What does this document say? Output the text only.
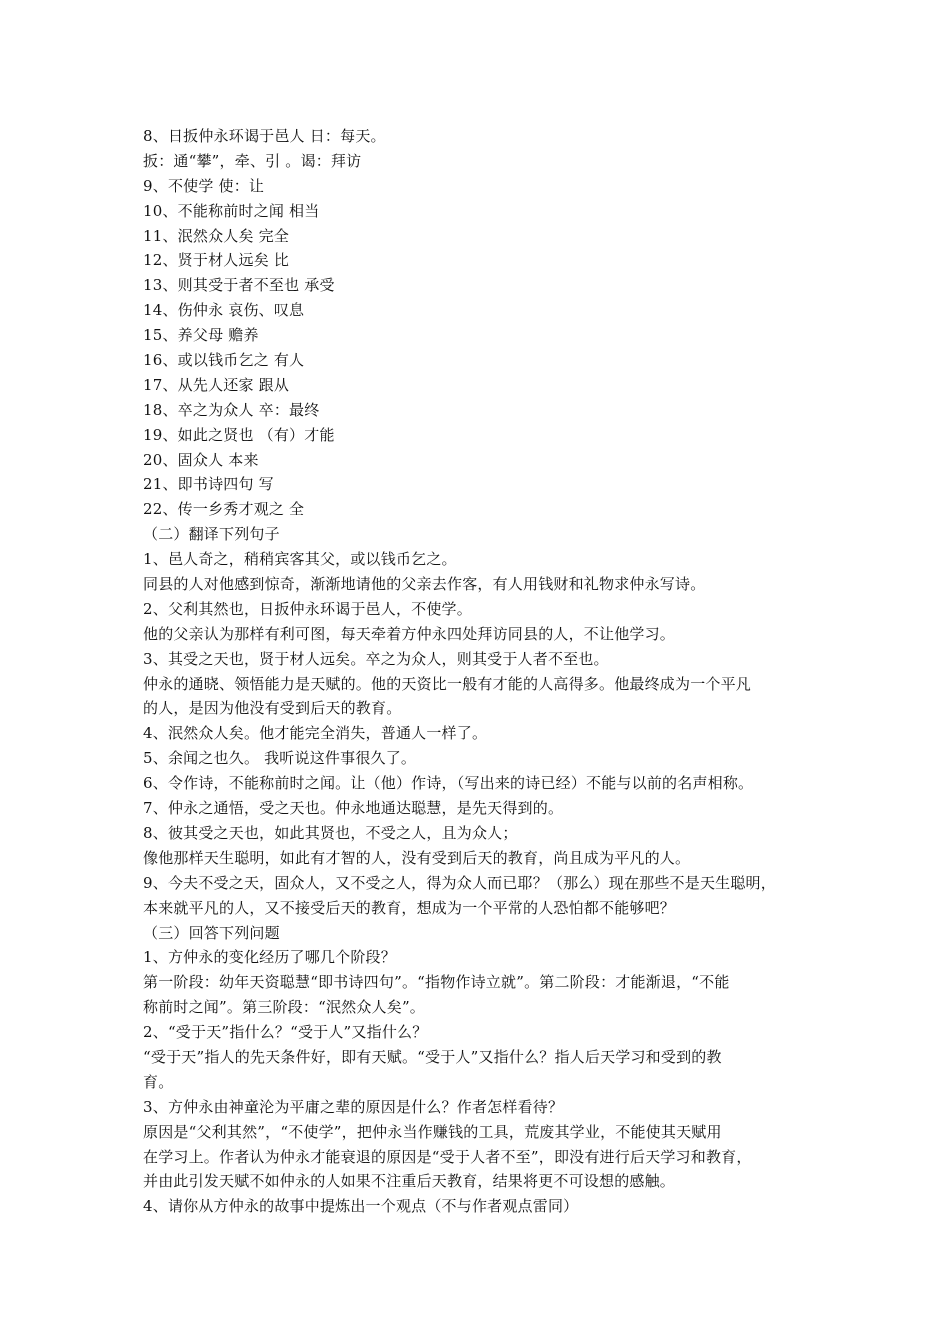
8、日扳仲永环谒于邑人 日：每天。
扳：通“攀”，牵、引 。谒：拜访
9、不使学 使：让
10、不能称前时之闻 相当
11、泯然众人矣 完全
12、贤于材人远矣 比
13、则其受于者不至也 承受
14、伤仲永 哀伤、叹息
15、养父母 赡养
16、或以钱币乞之 有人
17、从先人还家 跟从
18、卒之为众人 卒：最终
19、如此之贤也 （有）才能
20、固众人 本来
21、即书诗四句 写
22、传一乡秀才观之 全
（二）翻译下列句子
1、邑人奇之，稍稍宾客其父，或以钱币乞之。
同县的人对他感到惊奇，渐渐地请他的父亲去作客，有人用钱财和礼物求仲永写诗。
2、父利其然也，日扳仲永环谒于邑人，不使学。
他的父亲认为那样有利可图，每天牵着方仲永四处拜访同县的人，不让他学习。
3、其受之天也，贤于材人远矣。卒之为众人，则其受于人者不至也。
仲永的通晓、领悟能力是天赋的。他的天资比一般有才能的人高得多。他最终成为一个平凡
的人，是因为他没有受到后天的教育。
4、泯然众人矣。他才能完全消失，普通人一样了。
5、余闻之也久。 我听说这件事很久了。
6、令作诗，不能称前时之闻。让（他）作诗，（写出来的诗已经）不能与以前的名声相称。
7、仲永之通悟，受之天也。仲永地通达聪慧，是先天得到的。
8、彼其受之天也，如此其贤也，不受之人，且为众人；
像他那样天生聪明，如此有才智的人，没有受到后天的教育，尚且成为平凡的人。
9、今夫不受之天，固众人，又不受之人，得为众人而已耶？（那么）现在那些不是天生聪明，
本来就平凡的人，又不接受后天的教育，想成为一个平常的人恐怕都不能够吧？
（三）回答下列问题
1、方仲永的变化经历了哪几个阶段？
第一阶段：幼年天资聪慧“即书诗四句”。“指物作诗立就”。第二阶段：才能渐退，“不能
称前时之闻”。第三阶段：“泯然众人矣”。
2、“受于天”指什么？“受于人”又指什么？
“受于天”指人的先天条件好，即有天赋。“受于人”又指什么？指人后天学习和受到的教
育。
3、方仲永由神童沦为平庸之辈的原因是什么？作者怎样看待？
原因是“父利其然”，“不使学”，把仲永当作赚钱的工具，荒废其学业，不能使其天赋用
在学习上。作者认为仲永才能衰退的原因是“受于人者不至”，即没有进行后天学习和教育，
并由此引发天赋不如仲永的人如果不注重后天教育，结果将更不可设想的感触。
4、请你从方仲永的故事中提炼出一个观点（不与作者观点雷同）
